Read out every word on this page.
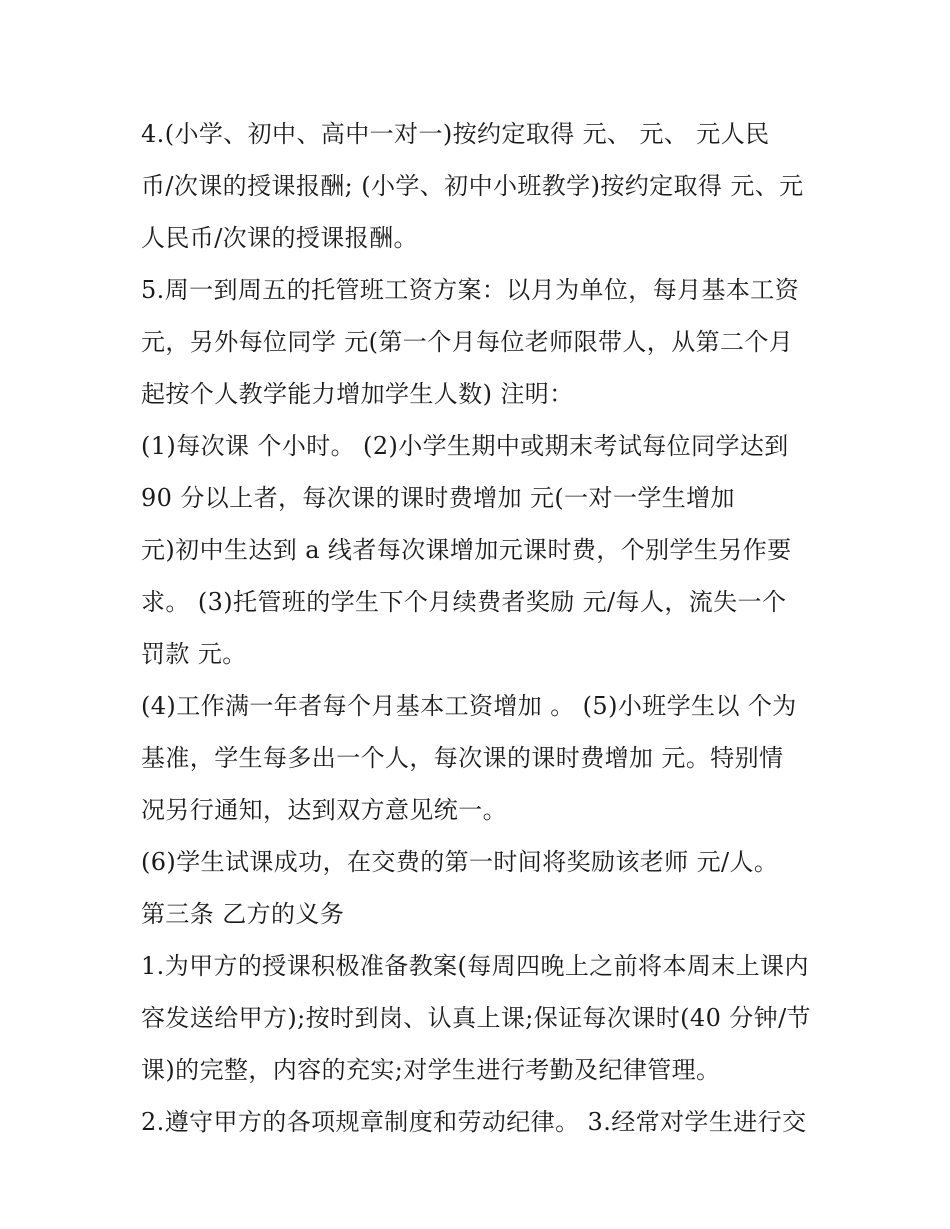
4.(小学、初中、高中一对一)按约定取得 元、 元、 元人民
币/次课的授课报酬; (小学、初中小班教学)按约定取得 元、元
人民币/次课的授课报酬。
5.周一到周五的托管班工资方案：以月为单位，每月基本工资
元，另外每位同学 元(第一个月每位老师限带人，从第二个月
起按个人教学能力增加学生人数) 注明：
(1)每次课 个小时。 (2)小学生期中或期末考试每位同学达到
90 分以上者，每次课的课时费增加 元(一对一学生增加
元)初中生达到 a 线者每次课增加元课时费，个别学生另作要
求。 (3)托管班的学生下个月续费者奖励 元/每人，流失一个
罚款 元。
(4)工作满一年者每个月基本工资增加 。 (5)小班学生以 个为
基准，学生每多出一个人，每次课的课时费增加 元。特别情
况另行通知，达到双方意见统一。
(6)学生试课成功，在交费的第一时间将奖励该老师 元/人。
第三条 乙方的义务
1.为甲方的授课积极准备教案(每周四晚上之前将本周末上课内
容发送给甲方);按时到岗、认真上课;保证每次课时(40 分钟/节
课)的完整，内容的充实;对学生进行考勤及纪律管理。
2.遵守甲方的各项规章制度和劳动纪律。 3.经常对学生进行交
